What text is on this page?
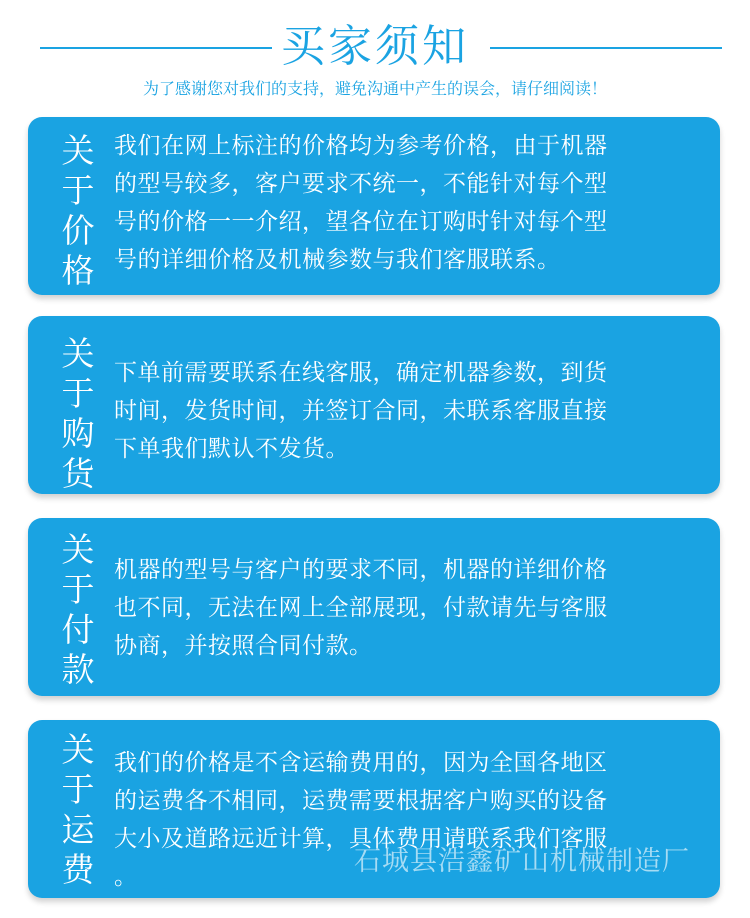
买家须知
为了感谢您对我们的支持，避免沟通中产生的误会，请仔细阅读！
关
于
价
格
我们在网上标注的价格均为参考价格，由于机器
的型号较多，客户要求不统一，不能针对每个型
号的价格一一介绍，望各位在订购时针对每个型
号的详细价格及机械参数与我们客服联系。
关
于
购
货
下单前需要联系在线客服，确定机器参数，到货
时间，发货时间，并签订合同，未联系客服直接
下单我们默认不发货。
关
于
付
款
机器的型号与客户的要求不同，机器的详细价格
也不同，无法在网上全部展现，付款请先与客服
协商，并按照合同付款。
关
于
运
费
我们的价格是不含运输费用的，因为全国各地区
的运费各不相同，运费需要根据客户购买的设备
大小及道路远近计算，具体费用请联系我们客服
。	石城县浩鑫矿山机械制造厂
